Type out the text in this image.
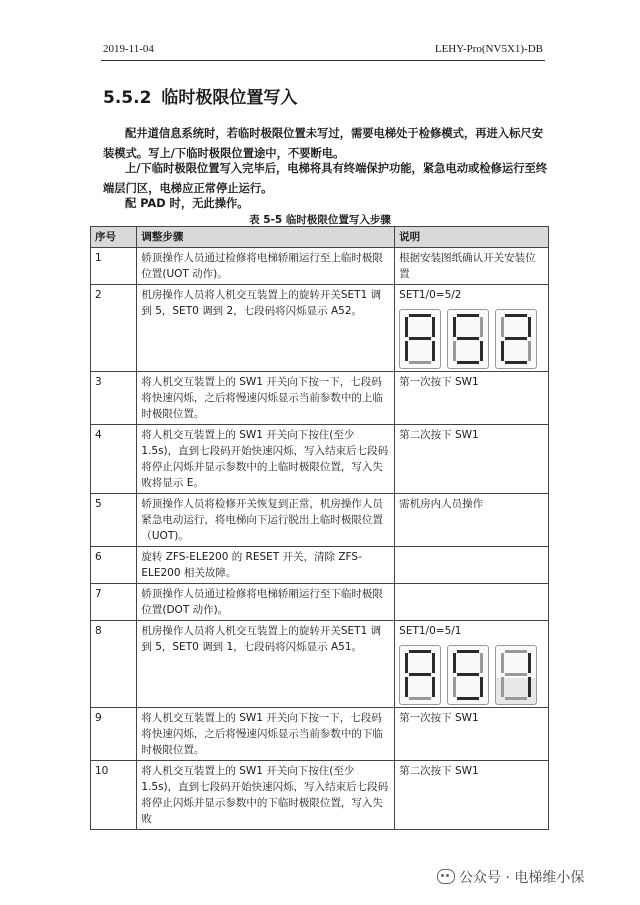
2019-11-04	LEHY-Pro(NV5X1)-DB
5.5.2 临时极限位置写入
配井道信息系统时，若临时极限位置未写过，需要电梯处于检修模式，再进入标尺安装模式。写上/下临时极限位置途中，不要断电。
上/下临时极限位置写入完毕后，电梯将具有终端保护功能，紧急电动或检修运行至终端层门区，电梯应正常停止运行。
配 PAD 时，无此操作。
表 5-5 临时极限位置写入步骤
序号	调整步骤	说明
1	轿顶操作人员通过检修将电梯轿厢运行至上临时极限位置(UOT 动作)。	根据安装图纸确认开关安装位置
2	机房操作人员将人机交互装置上的旋转开关SET1 调到 5，SET0 调到 2，七段码将闪烁显示 A52。	SET1/0=5/2

3	将人机交互装置上的 SW1 开关向下按一下，七段码将快速闪烁，之后将慢速闪烁显示当前参数中的上临时极限位置。	第一次按下 SW1
4	将人机交互装置上的 SW1 开关向下按住(至少 1.5s)，直到七段码开始快速闪烁，写入结束后七段码将停止闪烁并显示参数中的上临时极限位置，写入失败将显示 E。	第二次按下 SW1
5	轿顶操作人员将检修开关恢复到正常，机房操作人员紧急电动运行，将电梯向下运行脱出上临时极限位置（UOT)。	需机房内人员操作
6	旋转 ZFS-ELE200 的 RESET 开关，清除 ZFS-ELE200 相关故障。	
7	轿顶操作人员通过检修将电梯轿厢运行至下临时极限位置(DOT 动作)。	
8	机房操作人员将人机交互装置上的旋转开关SET1 调到 5，SET0 调到 1，七段码将闪烁显示 A51。	SET1/0=5/1

9	将人机交互装置上的 SW1 开关向下按一下，七段码将快速闪烁，之后将慢速闪烁显示当前参数中的下临时极限位置。	第一次按下 SW1
10	将人机交互装置上的 SW1 开关向下按住(至少 1.5s)，直到七段码开始快速闪烁，写入结束后七段码将停止闪烁并显示参数中的下临时极限位置，写入失败	第二次按下 SW1
公众号 · 电梯维小保
